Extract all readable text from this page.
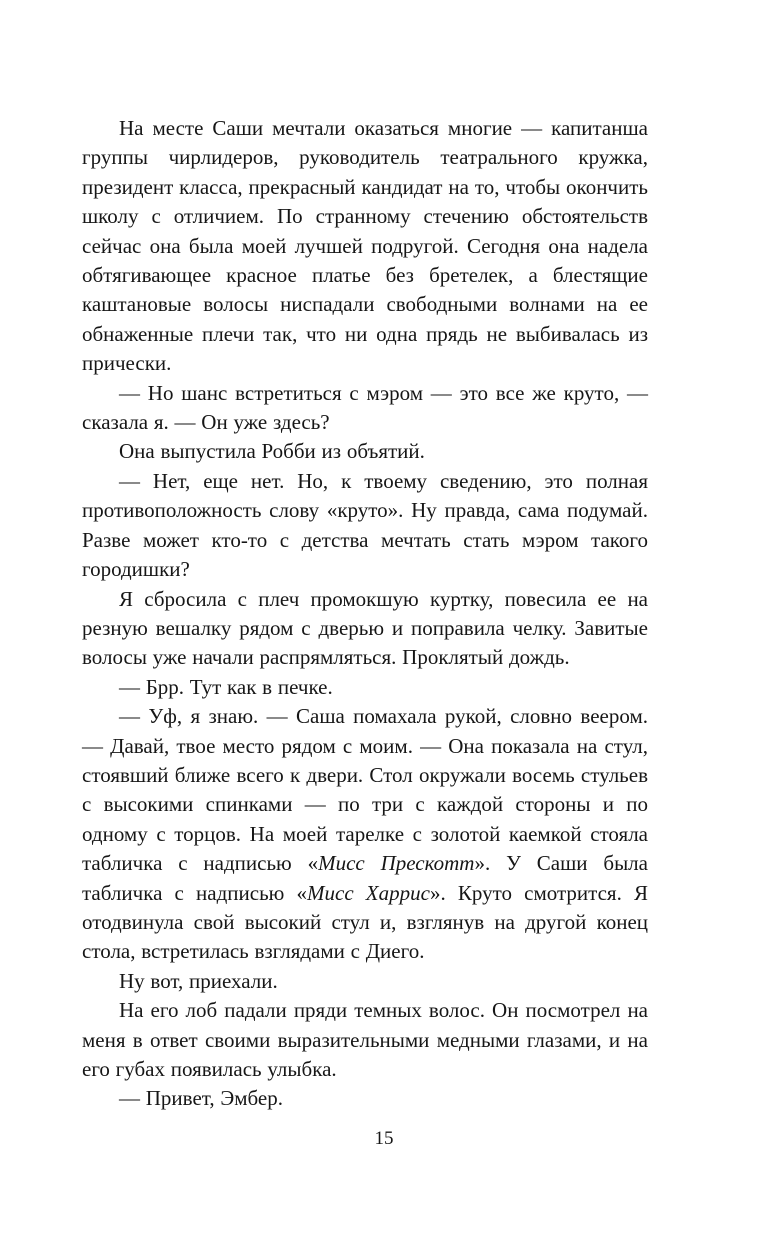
На месте Саши мечтали оказаться многие — капитанша группы чирлидеров, руководитель театрального кружка, президент класса, прекрасный кандидат на то, чтобы окончить школу с отличием. По странному стечению обстоятельств сейчас она была моей лучшей подругой. Сегодня она надела обтягивающее красное платье без бретелек, а блестящие каштановые волосы ниспадали свободными волнами на ее обнаженные плечи так, что ни одна прядь не выбивалась из прически.

— Но шанс встретиться с мэром — это все же круто, — сказала я. — Он уже здесь?

Она выпустила Робби из объятий.

— Нет, еще нет. Но, к твоему сведению, это полная противоположность слову «круто». Ну правда, сама подумай. Разве может кто-то с детства мечтать стать мэром такого городишки?

Я сбросила с плеч промокшую куртку, повесила ее на резную вешалку рядом с дверью и поправила челку. Завитые волосы уже начали распрямляться. Проклятый дождь.

— Брр. Тут как в печке.

— Уф, я знаю. — Саша помахала рукой, словно веером. — Давай, твое место рядом с моим. — Она показала на стул, стоявший ближе всего к двери. Стол окружали восемь стульев с высокими спинками — по три с каждой стороны и по одному с торцов. На моей тарелке с золотой каемкой стояла табличка с надписью «Мисс Прескотт». У Саши была табличка с надписью «Мисс Харрис». Круто смотрится. Я отодвинула свой высокий стул и, взглянув на другой конец стола, встретилась взглядами с Диего.

Ну вот, приехали.

На его лоб падали пряди темных волос. Он посмотрел на меня в ответ своими выразительными медными глазами, и на его губах появилась улыбка.

— Привет, Эмбер.

15
